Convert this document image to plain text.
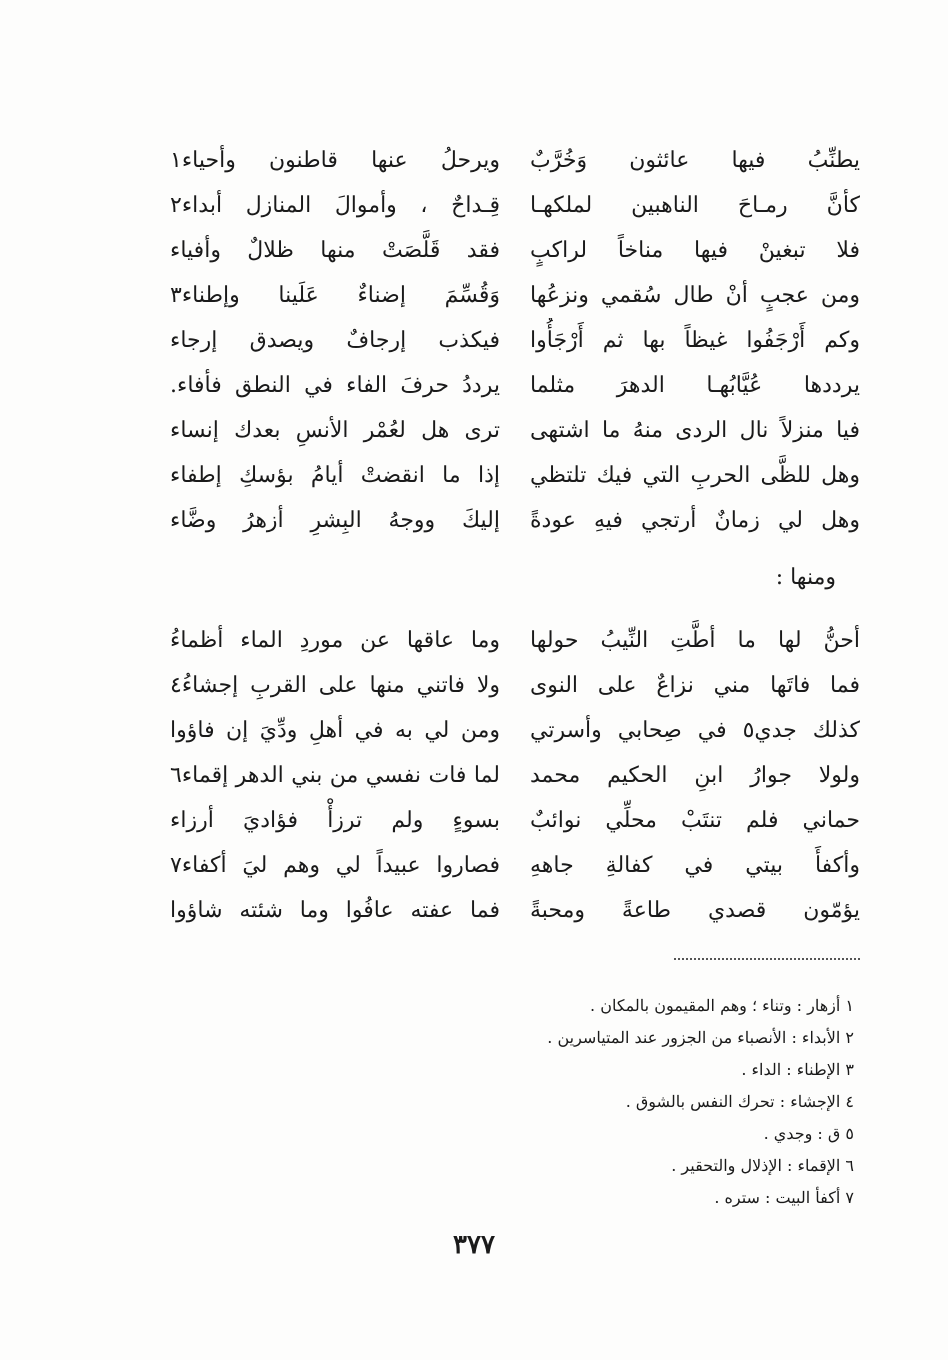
يطنِّبُ فيها عائثون وَخُرَّبٌ
ويرحلُ عنها قاطنون وأحياء١
كأنَّ رمـاحَ الناهبين لملكهـا
قِـداحٌ ، وأموالَ المنازل أبداء٢
فلا تبغينْ فيها مناخاً لراكبٍ
فقد قَلَّصَتْ منها ظلالٌ وأفياء
ومن عجبٍ أنْ طال سُقمي ونزعُها
وَقُسِّمَ إضناءٌ عَلَينا وإطناء٣
وكم أَرْجَفُوا غيظاً بها ثم أَرْجَأُوا
فيكذب إرجافٌ ويصدق إرجاء
يرددها عُيَّابُهـا الدهرَ مثلما
يرددُ حرفَ الفاء في النطق فأفاء.
فيا منزلاً نال الردى منهُ ما اشتهى
ترى هل لعُمْر الأنسِ بعدك إنساء
وهل للظَّى الحربِ التي فيك تلتظي
إذا ما انقضتْ أيامُ بؤسكِ إطفاء
وهل لي زمانٌ أرتجي فيهِ عودةً
إليكَ ووجهُ البِشرِ أزهرُ وضَّاء
ومنها :
أحنُّ لها ما أطَّتِ النِّيبُ حولها
وما عاقها عن موردِ الماء أظماءُ
فما فاتَها مني نزاعٌ على النوى
ولا فاتني منها على القربِ إجشاءُ٤
كذلك جدي٥ في صِحابي وأسرتي
ومن لي به في أهلِ ودِّيَ إن فاؤوا
ولولا جوارُ ابنِ الحكيم محمد
لما فات نفسي من بني الدهر إقماء٦
حماني فلم تنتَبْ محلِّي نوائبٌ
بسوءٍ ولم ترزأْ فؤاديَ أرزاء
وأكفأَ بيتي في كفالةِ جاههِ
فصاروا عبيداً لي وهم ليَ أكفاء٧
يؤمّون قصدي طاعةً ومحبةً
فما عفته عافُوا وما شئته شاؤوا
١ أزهار : وتناء ؛ وهم المقيمون بالمكان .
٢ الأبداء : الأنصباء من الجزور عند المتياسرين .
٣ الإطناء : الداء .
٤ الإجشاء : تحرك النفس بالشوق .
٥ ق : وجدي .
٦ الإقماء : الإذلال والتحقير .
٧ أكفأ البيت : ستره .
٣٧٧
